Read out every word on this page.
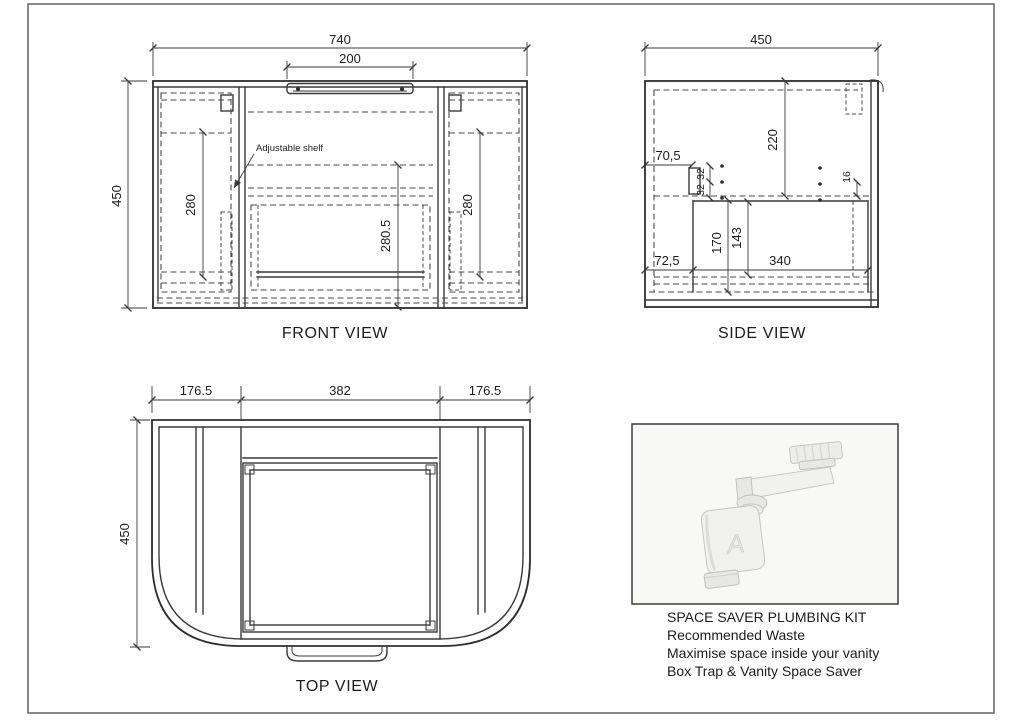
Adjustable shelf
740
200
450	280
280.5
280
FRONT VIEW
450
220
70,5
32
32
16
170 143
340
72,5
SIDE VIEW
176.5	382	176.5
450
TOP VIEW
A
SPACE SAVER PLUMBING KIT
Recommended Waste
Maximise space inside your vanity
Box Trap & Vanity Space Saver
